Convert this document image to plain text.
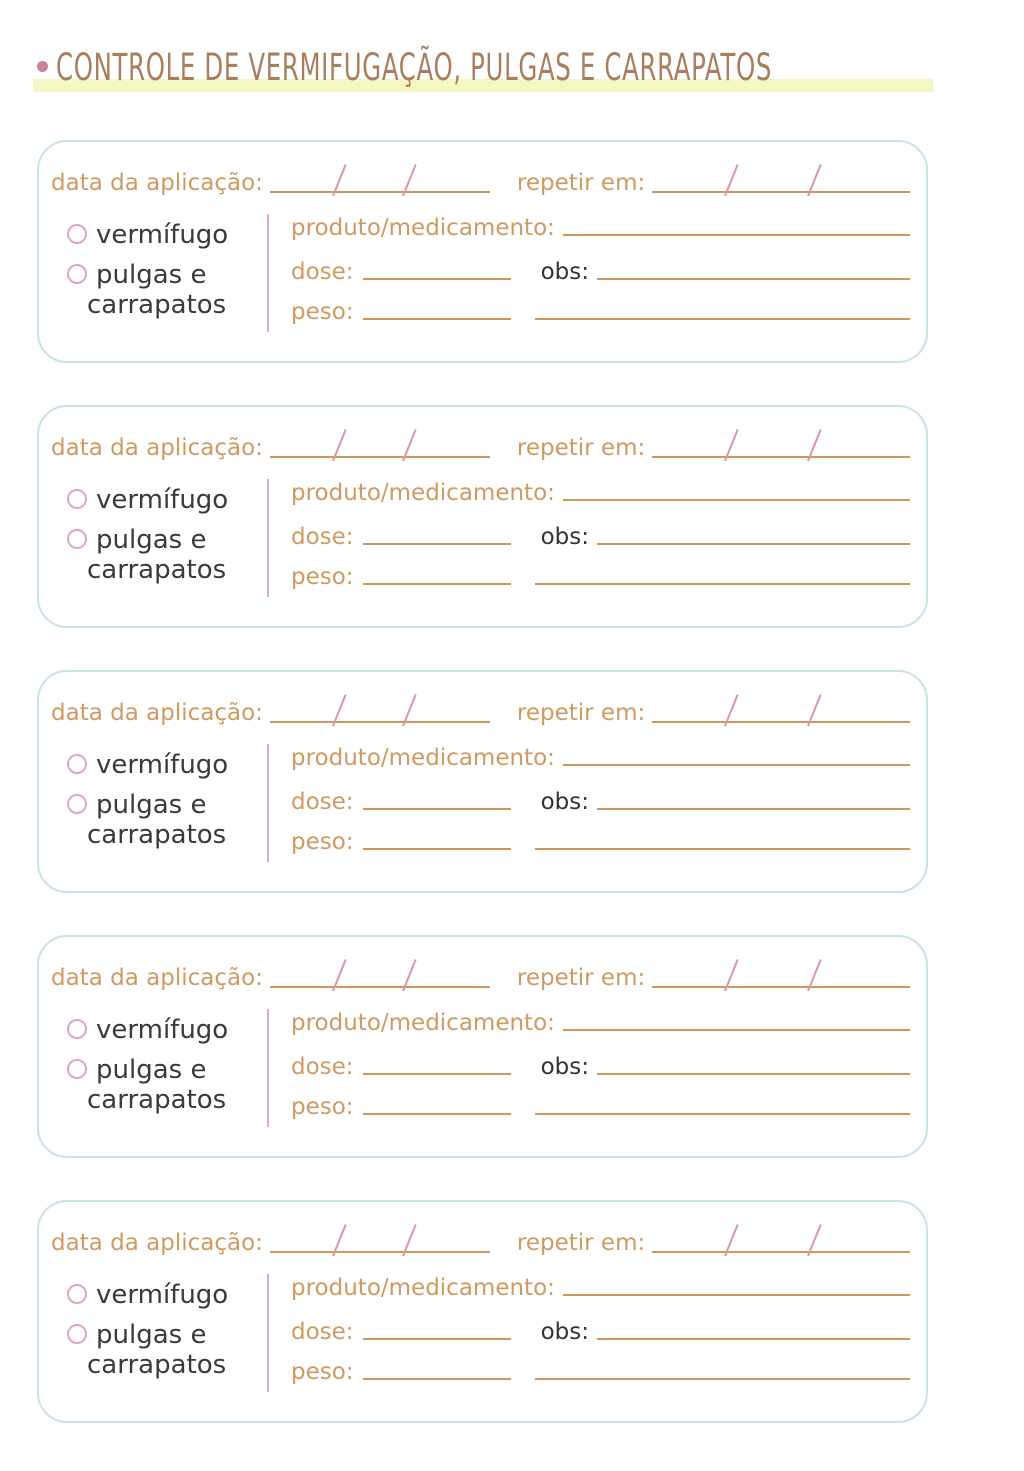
CONTROLE DE VERMIFUGAÇÃO, PULGAS E CARRAPATOS
data da aplicação:	repetir em:
vermífugo
pulgas e
carrapatos
produto/medicamento:
dose:	obs:
peso:
data da aplicação:	repetir em:
vermífugo
pulgas e
carrapatos
produto/medicamento:
dose:	obs:
peso:
data da aplicação:	repetir em:
vermífugo
pulgas e
carrapatos
produto/medicamento:
dose:	obs:
peso:
data da aplicação:	repetir em:
vermífugo
pulgas e
carrapatos
produto/medicamento:
dose:	obs:
peso:
data da aplicação:	repetir em:
vermífugo
pulgas e
carrapatos
produto/medicamento:
dose:	obs:
peso:
